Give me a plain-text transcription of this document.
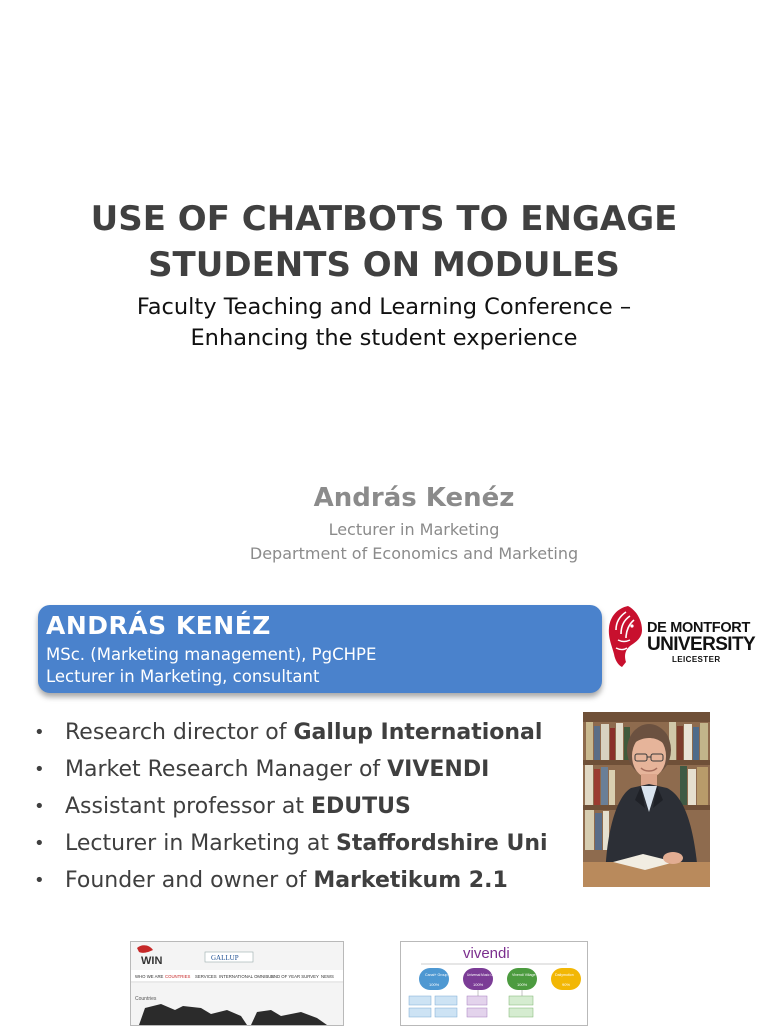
USE OF CHATBOTS TO ENGAGE
STUDENTS ON MODULES

Faculty Teaching and Learning Conference –
Enhancing the student experience

András Kenéz
Lecturer in Marketing
Department of Economics and Marketing
ANDRÁS KENÉZ
MSc. (Marketing management), PgCHPE
Lecturer in Marketing, consultant
DE MONTFORT
UNIVERSITY
LEICESTER
• Research director of Gallup International
• Market Research Manager of VIVENDI
• Assistant professor at EDUTUS
• Lecturer in Marketing at Staffordshire Uni
• Founder and owner of Marketikum 2.1
WIN	GALLUP
WHO WE ARE COUNTRIES SERVICES INTERNATIONAL OMNIBUS
END OF YEAR SURVEY NEWS
Countries
vivendi
Canal+ Group	Universal Music Group	Vivendi Village	Dailymotion
100%	100%	100%	90%
